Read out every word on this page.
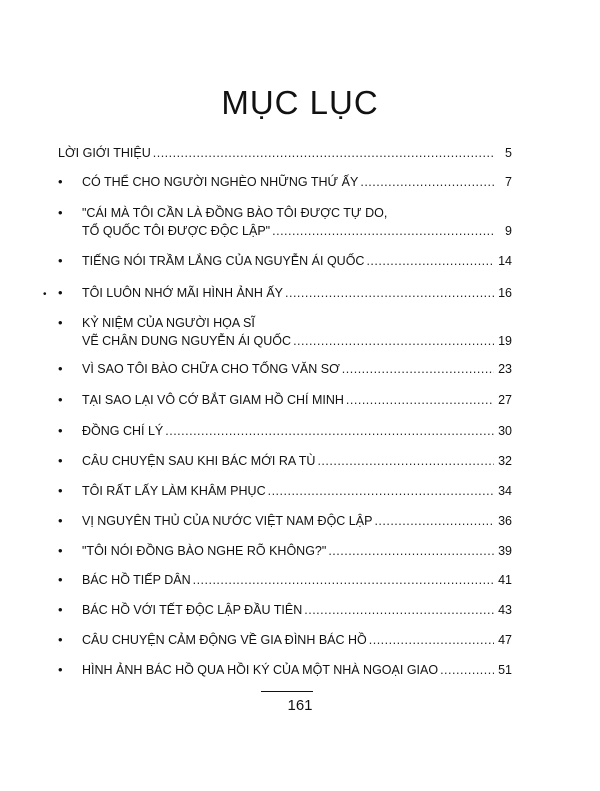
MỤC LỤC
LỜI GIỚI THIỆU .....	5
• CÓ THỂ CHO NGƯỜI NGHÈO NHỮNG THỨ ẤY .....	7
• "CÁI MÀ TÔI CẦN LÀ ĐỒNG BÀO TÔI ĐƯỢC TỰ DO,
TỔ QUỐC TÔI ĐƯỢC ĐỘC LẬP" .....	9
• TIẾNG NÓI TRẦM LẮNG CỦA NGUYỄN ÁI QUỐC .....	14
• TÔI LUÔN NHỚ MÃI HÌNH ẢNH ẤY .....	16
• KỶ NIỆM CỦA NGƯỜI HỌA SĨ
VẼ CHÂN DUNG NGUYỄN ÁI QUỐC .....	19
• VÌ SAO TÔI BÀO CHỮA CHO TỐNG VĂN SƠ .....	23
• TẠI SAO LẠI VÔ CỚ BẮT GIAM HỒ CHÍ MINH .....	27
• ĐỒNG CHÍ LÝ .....	30
• CÂU CHUYỆN SAU KHI BÁC MỚI RA TÙ .....	32
• TÔI RẤT LẤY LÀM KHÂM PHỤC .....	34
• VỊ NGUYÊN THỦ CỦA NƯỚC VIỆT NAM ĐỘC LẬP .....	36
• "TÔI NÓI ĐỒNG BÀO NGHE RÕ KHÔNG?" .....	39
• BÁC HỒ TIẾP DÂN .....	41
• BÁC HỒ VỚI TẾT ĐỘC LẬP ĐẦU TIÊN .....	43
• CÂU CHUYỆN CẢM ĐỘNG VỀ GIA ĐÌNH BÁC HỒ .....	47
• HÌNH ẢNH BÁC HỒ QUA HỒI KÝ CỦA MỘT NHÀ NGOẠI GIAO .....	51
•
161
